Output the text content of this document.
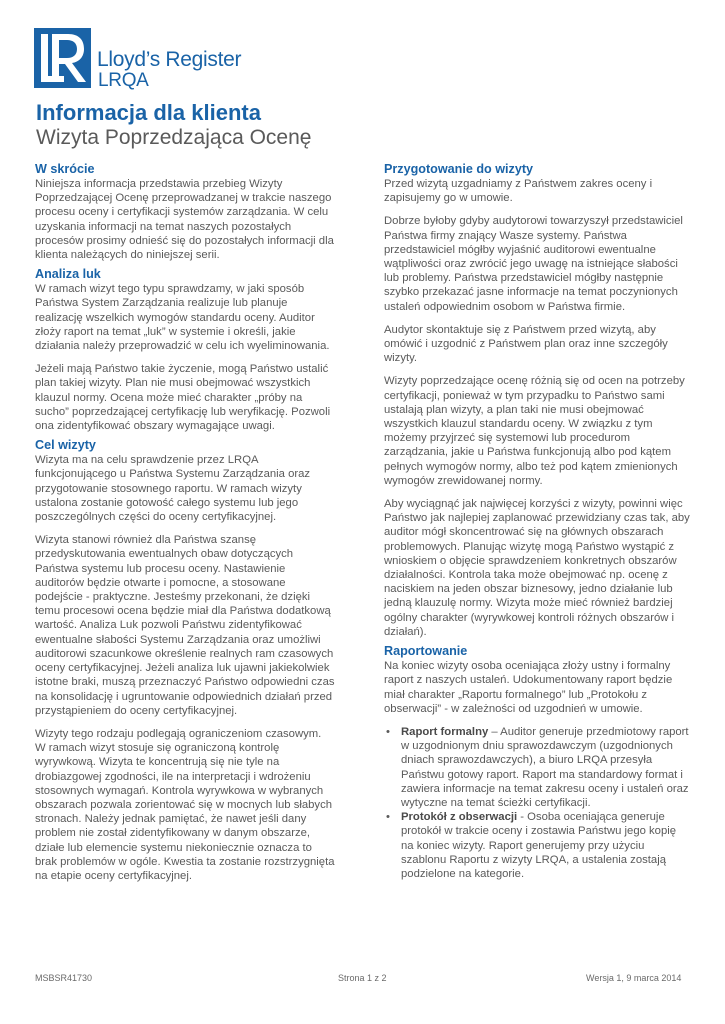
Lloyd’s Register
LRQA
Informacja dla klienta
Wizyta Poprzedzająca Ocenę
W skrócie

Niniejsza informacja przedstawia przebieg Wizyty Poprzedzającej Ocenę przeprowadzanej w trakcie naszego procesu oceny i certyfikacji systemów zarządzania. W celu uzyskania informacji na temat naszych pozostałych procesów prosimy odnieść się do pozostałych informacji dla klienta należących do niniejszej serii.

Analiza luk

W ramach wizyt tego typu sprawdzamy, w jaki sposób Państwa System Zarządzania realizuje lub planuje realizację wszelkich wymogów standardu oceny. Auditor złoży raport na temat „luk” w systemie i określi, jakie działania należy przeprowadzić w celu ich wyeliminowania.

Jeżeli mają Państwo takie życzenie, mogą Państwo ustalić plan takiej wizyty. Plan nie musi obejmować wszystkich klauzul normy. Ocena może mieć charakter „próby na sucho” poprzedzającej certyfikację lub weryfikację. Pozwoli ona zidentyfikować obszary wymagające uwagi.

Cel wizyty

Wizyta ma na celu sprawdzenie przez LRQA funkcjonującego u Państwa Systemu Zarządzania oraz przygotowanie stosownego raportu. W ramach wizyty ustalona zostanie gotowość całego systemu lub jego poszczególnych części do oceny certyfikacyjnej.

Wizyta stanowi również dla Państwa szansę przedyskutowania ewentualnych obaw dotyczących Państwa systemu lub procesu oceny. Nastawienie auditorów będzie otwarte i pomocne, a stosowane podejście - praktyczne. Jesteśmy przekonani, że dzięki temu procesowi ocena będzie miał dla Państwa dodatkową wartość. Analiza Luk pozwoli Państwu zidentyfikować ewentualne słabości Systemu Zarządzania oraz umożliwi auditorowi szacunkowe określenie realnych ram czasowych oceny certyfikacyjnej. Jeżeli analiza luk ujawni jakiekolwiek istotne braki, muszą przeznaczyć Państwo odpowiedni czas na konsolidację i ugruntowanie odpowiednich działań przed przystąpieniem do oceny certyfikacyjnej.

Wizyty tego rodzaju podlegają ograniczeniom czasowym. W ramach wizyt stosuje się ograniczoną kontrolę wyrywkową. Wizyta te koncentrują się nie tyle na drobiazgowej zgodności, ile na interpretacji i wdrożeniu stosownych wymagań. Kontrola wyrywkowa w wybranych obszarach pozwala zorientować się w mocnych lub słabych stronach. Należy jednak pamiętać, że nawet jeśli dany problem nie został zidentyfikowany w danym obszarze, działe lub elemencie systemu niekoniecznie oznacza to brak problemów w ogóle. Kwestia ta zostanie rozstrzygnięta na etapie oceny certyfikacyjnej.

Przygotowanie do wizyty

Przed wizytą uzgadniamy z Państwem zakres oceny i zapisujemy go w umowie.

Dobrze byłoby gdyby audytorowi towarzyszył przedstawiciel Państwa firmy znający Wasze systemy. Państwa przedstawiciel mógłby wyjaśnić auditorowi ewentualne wątpliwości oraz zwrócić jego uwagę na istniejące słabości lub problemy. Państwa przedstawiciel mógłby następnie szybko przekazać jasne informacje na temat poczynionych ustaleń odpowiednim osobom w Państwa firmie.

Audytor skontaktuje się z Państwem przed wizytą, aby omówić i uzgodnić z Państwem plan oraz inne szczegóły wizyty.

Wizyty poprzedzające ocenę różnią się od ocen na potrzeby certyfikacji, ponieważ w tym przypadku to Państwo sami ustalają plan wizyty, a plan taki nie musi obejmować wszystkich klauzul standardu oceny. W związku z tym możemy przyjrzeć się systemowi lub procedurom zarządzania, jakie u Państwa funkcjonują albo pod kątem pełnych wymogów normy, albo też pod kątem zmienionych wymogów zrewidowanej normy.

Aby wyciągnąć jak najwięcej korzyści z wizyty, powinni więc Państwo jak najlepiej zaplanować przewidziany czas tak, aby auditor mógł skoncentrować się na głównych obszarach problemowych. Planując wizytę mogą Państwo wystąpić z wnioskiem o objęcie sprawdzeniem konkretnych obszarów działalności. Kontrola taka może obejmować np. ocenę z naciskiem na jeden obszar biznesowy, jedno działanie lub jedną klauzulę normy. Wizyta może mieć również bardziej ogólny charakter (wyrywkowej kontroli różnych obszarów i działań).

Raportowanie

Na koniec wizyty osoba oceniająca złoży ustny i formalny raport z naszych ustaleń. Udokumentowany raport będzie miał charakter „Raportu formalnego” lub „Protokołu z obserwacji” - w zależności od uzgodnień w umowie.

• Raport formalny – Auditor generuje przedmiotowy raport w uzgodnionym dniu sprawozdawczym (uzgodnionych dniach sprawozdawczych), a biuro LRQA przesyła Państwu gotowy raport. Raport ma standardowy format i zawiera informacje na temat zakresu oceny i ustaleń oraz wytyczne na temat ścieżki certyfikacji.
• Protokół z obserwacji - Osoba oceniająca generuje protokół w trakcie oceny i zostawia Państwu jego kopię na koniec wizyty. Raport generujemy przy użyciu szablonu Raportu z wizyty LRQA, a ustalenia zostają podzielone na kategorie.
MSBSR41730	Strona 1 z 2	Wersja 1, 9 marca 2014
